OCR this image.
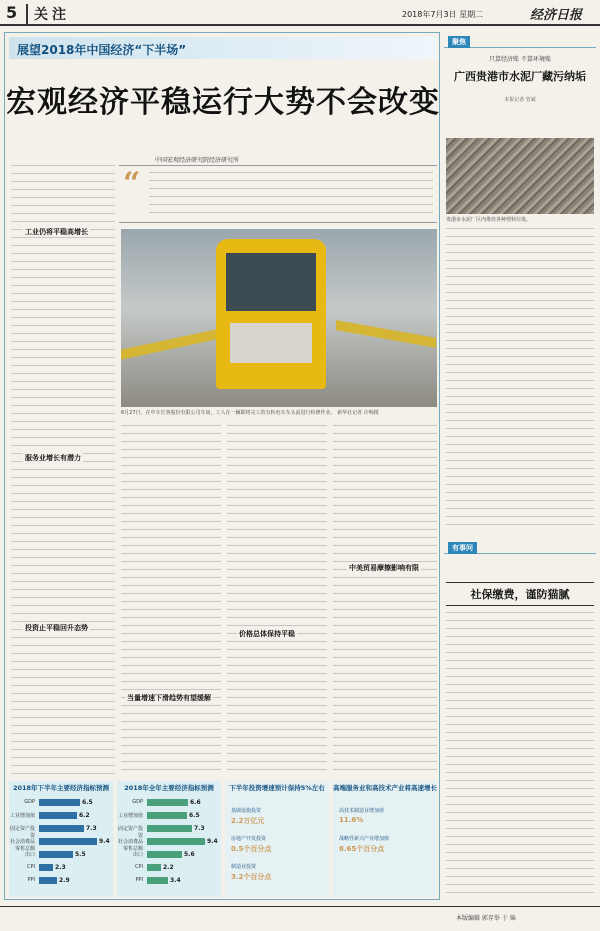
5	关注	2018年7月3日 星期二	经济日报
展望2018年中国经济“下半场”
宏观经济平稳运行大势不会改变
中国宏观经济研究院经济研究所
“
6月27日，在中车长客股份有限公司车间，工人在一辆即将完工的有轨电车车头前进行检修作业。 新华社记者 许畅摄
工业仍将平稳高增长
服务业增长有潜力
投资止平稳回升态势
当量增速下滑趋势有望缓解
价格总体保持平稳
中美贸易摩擦影响有限
2018年下半年主要经济指标预测
GDP	6.5
工业增加值	6.2
固定资产投资
7.3
社会消费品零售总额
9.4
出口	5.5
CPI	2.3
PPI	2.9
2018年全年主要经济指标预测
GDP	6.6
工业增加值	6.5
固定资产投资
7.3
社会消费品零售总额
9.4
出口	5.6
CPI	2.2
PPI	3.4
下半年投资增速预计保持5%左右
基础设施投资
2.2万亿元
房地产开发投资
0.5个百分点
制造业投资
3.2个百分点
高端服务业和高技术产业将高速增长
高技术制造业增加值
11.6%
战略性新兴产业增加值
8.65个百分点
聚焦
只算经济账 不算环境账
广西贵港市水泥厂藏污纳垢
本报记者 管斌
贵港市水泥厂区内堆放各种塑料垃圾。
有事问
社保缴费，谨防猫腻
本版编辑 郭存举 于 锦
